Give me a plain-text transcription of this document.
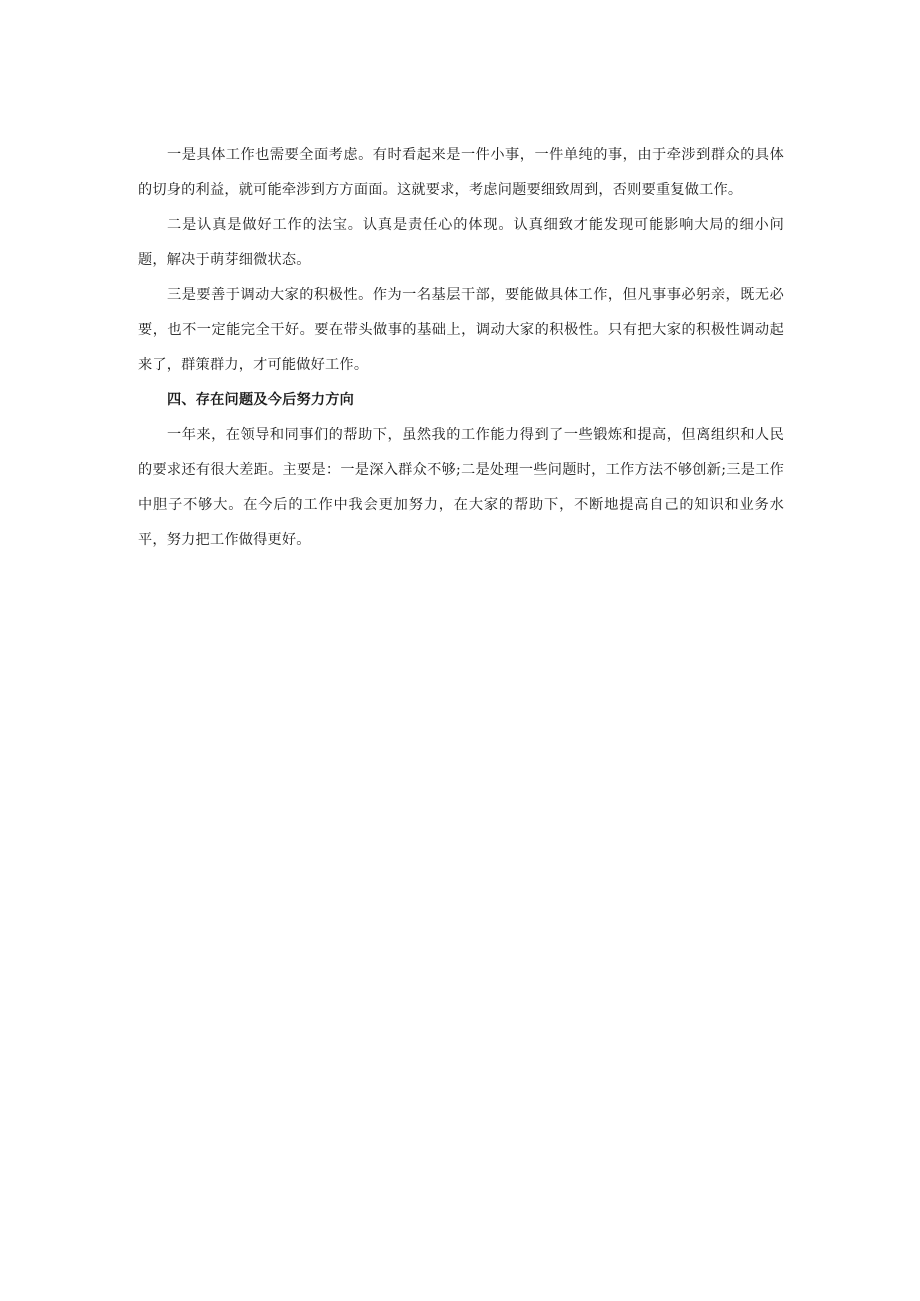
一是具体工作也需要全面考虑。有时看起来是一件小事，一件单纯的事，由于牵涉到群众的具体的切身的利益，就可能牵涉到方方面面。这就要求，考虑问题要细致周到，否则要重复做工作。

二是认真是做好工作的法宝。认真是责任心的体现。认真细致才能发现可能影响大局的细小问题，解决于萌芽细微状态。

三是要善于调动大家的积极性。作为一名基层干部，要能做具体工作，但凡事事必躬亲，既无必要，也不一定能完全干好。要在带头做事的基础上，调动大家的积极性。只有把大家的积极性调动起来了，群策群力，才可能做好工作。

四、存在问题及今后努力方向

一年来，在领导和同事们的帮助下，虽然我的工作能力得到了一些锻炼和提高，但离组织和人民的要求还有很大差距。主要是：一是深入群众不够;二是处理一些问题时，工作方法不够创新;三是工作中胆子不够大。在今后的工作中我会更加努力，在大家的帮助下，不断地提高自己的知识和业务水平，努力把工作做得更好。
